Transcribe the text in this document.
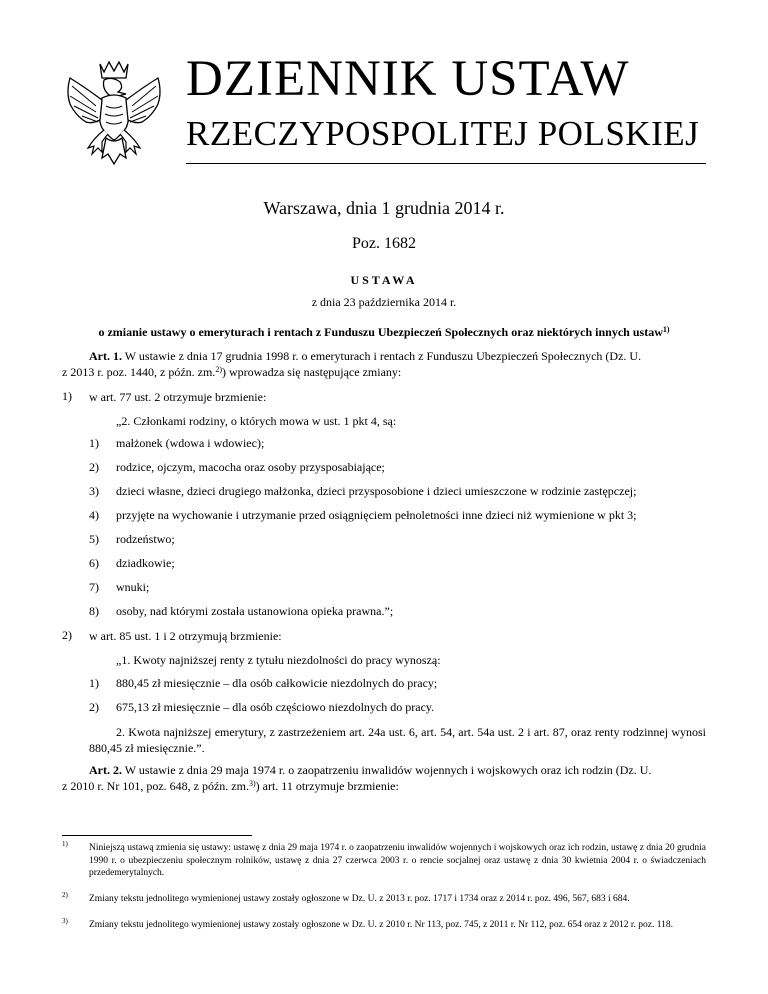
DZIENNIK USTAW
RZECZYPOSPOLITEJ POLSKIEJ
Warszawa, dnia 1 grudnia 2014 r.
Poz. 1682
USTAWA
z dnia 23 października 2014 r.
o zmianie ustawy o emeryturach i rentach z Funduszu Ubezpieczeń Społecznych oraz niektórych innych ustaw$^{1)}$
Art. 1. W ustawie z dnia 17 grudnia 1998 r. o emeryturach i rentach z Funduszu Ubezpieczeń Społecznych (Dz. U.
z 2013 r. poz. 1440, z późn. zm.$^{2)}$) wprowadza się następujące zmiany:
1) w art. 77 ust. 2 otrzymuje brzmienie:
„2. Członkami rodziny, o których mowa w ust. 1 pkt 4, są:
1) małżonek (wdowa i wdowiec);
2) rodzice, ojczym, macocha oraz osoby przysposabiające;
3) dzieci własne, dzieci drugiego małżonka, dzieci przysposobione i dzieci umieszczone w rodzinie zastępczej;
4) przyjęte na wychowanie i utrzymanie przed osiągnięciem pełnoletności inne dzieci niż wymienione w pkt 3;
5) rodzeństwo;
6) dziadkowie;
7) wnuki;
8) osoby, nad którymi została ustanowiona opieka prawna.”;
2) w art. 85 ust. 1 i 2 otrzymują brzmienie:
„1. Kwoty najniższej renty z tytułu niezdolności do pracy wynoszą:
1) 880,45 zł miesięcznie – dla osób całkowicie niezdolnych do pracy;
2) 675,13 zł miesięcznie – dla osób częściowo niezdolnych do pracy.
2. Kwota najniższej emerytury, z zastrzeżeniem art. 24a ust. 6, art. 54, art. 54a ust. 2 i art. 87, oraz renty rodzinnej wynosi 880,45 zł miesięcznie.”.
Art. 2. W ustawie z dnia 29 maja 1974 r. o zaopatrzeniu inwalidów wojennych i wojskowych oraz ich rodzin (Dz. U.
z 2010 r. Nr 101, poz. 648, z późn. zm.$^{3)}$) art. 11 otrzymuje brzmienie:
1) Niniejszą ustawą zmienia się ustawy: ustawę z dnia 29 maja 1974 r. o zaopatrzeniu inwalidów wojennych i wojskowych oraz ich rodzin, ustawę z dnia 20 grudnia 1990 r. o ubezpieczeniu społecznym rolników, ustawę z dnia 27 czerwca 2003 r. o rencie socjalnej oraz ustawę z dnia 30 kwietnia 2004 r. o świadczeniach przedemerytalnych.
2) Zmiany tekstu jednolitego wymienionej ustawy zostały ogłoszone w Dz. U. z 2013 r. poz. 1717 i 1734 oraz z 2014 r. poz. 496, 567, 683 i 684.
3) Zmiany tekstu jednolitego wymienionej ustawy zostały ogłoszone w Dz. U. z 2010 r. Nr 113, poz. 745, z 2011 r. Nr 112, poz. 654 oraz z 2012 r. poz. 118.
